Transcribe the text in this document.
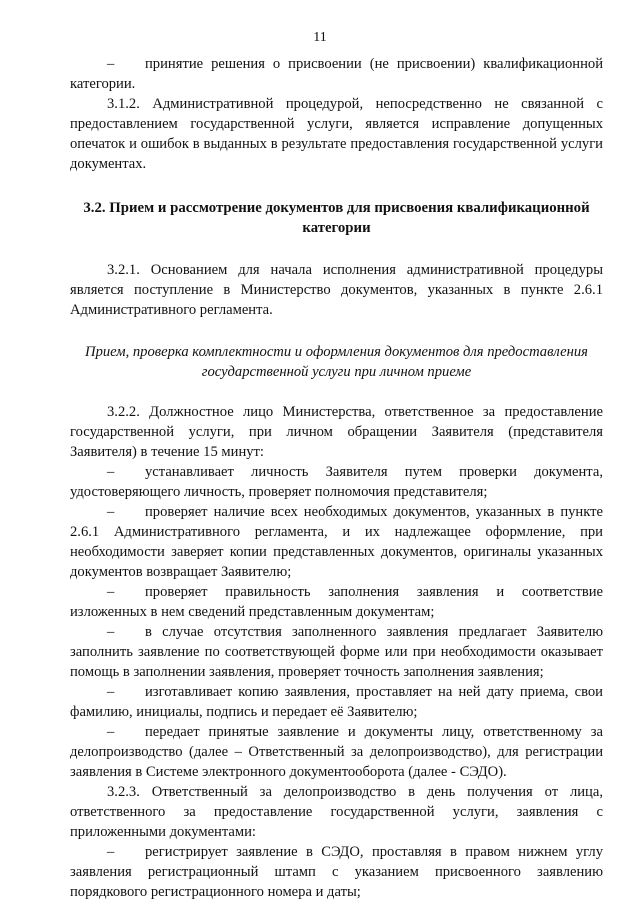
11

– принятие решения о присвоении (не присвоении) квалификационной категории.

3.1.2. Административной процедурой, непосредственно не связанной с предоставлением государственной услуги, является исправление допущенных опечаток и ошибок в выданных в результате предоставления государственной услуги документах.

3.2. Прием и рассмотрение документов для присвоения квалификационной категории

3.2.1. Основанием для начала исполнения административной процедуры является поступление в Министерство документов, указанных в пункте 2.6.1 Административного регламента.

Прием, проверка комплектности и оформления документов для предоставления государственной услуги при личном приеме

3.2.2. Должностное лицо Министерства, ответственное за предоставление государственной услуги, при личном обращении Заявителя (представителя Заявителя) в течение 15 минут:

– устанавливает личность Заявителя путем проверки документа, удостоверяющего личность, проверяет полномочия представителя;

– проверяет наличие всех необходимых документов, указанных в пункте 2.6.1 Административного регламента, и их надлежащее оформление, при необходимости заверяет копии представленных документов, оригиналы указанных документов возвращает Заявителю;

– проверяет правильность заполнения заявления и соответствие изложенных в нем сведений представленным документам;

– в случае отсутствия заполненного заявления предлагает Заявителю заполнить заявление по соответствующей форме или при необходимости оказывает помощь в заполнении заявления, проверяет точность заполнения заявления;

– изготавливает копию заявления, проставляет на ней дату приема, свои фамилию, инициалы, подпись и передает её Заявителю;

– передает принятые заявление и документы лицу, ответственному за делопроизводство (далее – Ответственный за делопроизводство), для регистрации заявления в Системе электронного документооборота (далее - СЭДО).

3.2.3. Ответственный за делопроизводство в день получения от лица, ответственного за предоставление государственной услуги, заявления с приложенными документами:

– регистрирует заявление в СЭДО, проставляя в правом нижнем углу заявления регистрационный штамп с указанием присвоенного заявлению порядкового регистрационного номера и даты;
